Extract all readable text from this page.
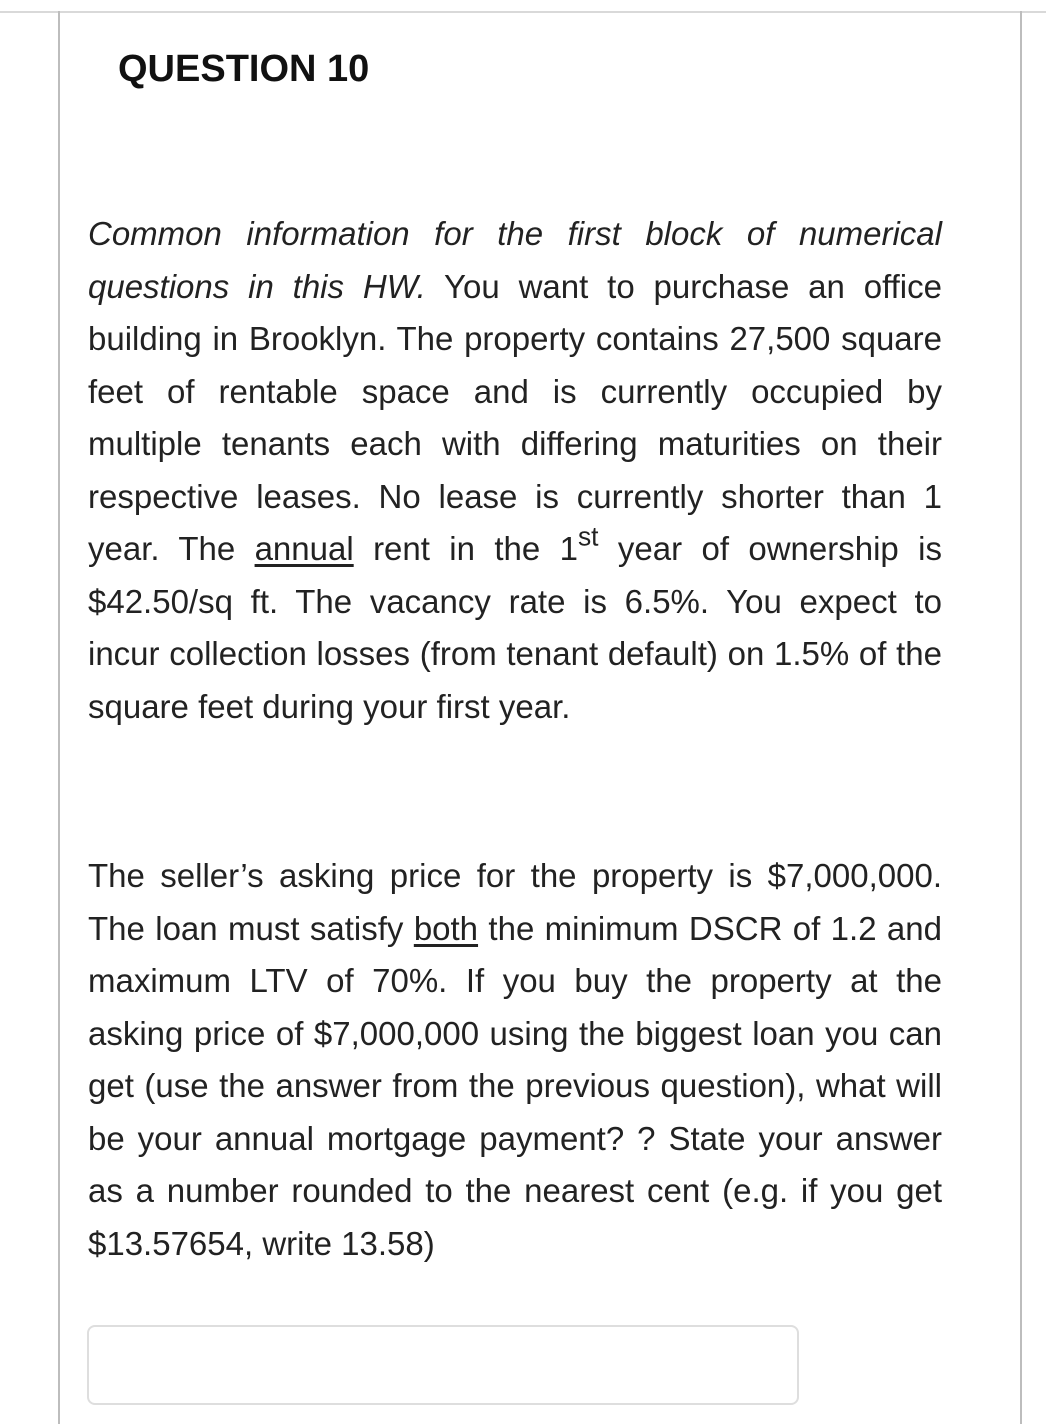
QUESTION 10

Common information for the first block of numerical questions in this HW. You want to purchase an office building in Brooklyn. The property contains 27,500 square feet of rentable space and is currently occupied by multiple tenants each with differing maturities on their respective leases. No lease is currently shorter than 1 year. The annual rent in the 1st year of ownership is $42.50/sq ft. The vacancy rate is 6.5%. You expect to incur collection losses (from tenant default) on 1.5% of the square feet during your first year.

The seller’s asking price for the property is $7,000,000. The loan must satisfy both the minimum DSCR of 1.2 and maximum LTV of 70%. If you buy the property at the asking price of $7,000,000 using the biggest loan you can get (use the answer from the previous question), what will be your annual mortgage payment? ? State your answer as a number rounded to the nearest cent (e.g. if you get $13.57654, write 13.58)
